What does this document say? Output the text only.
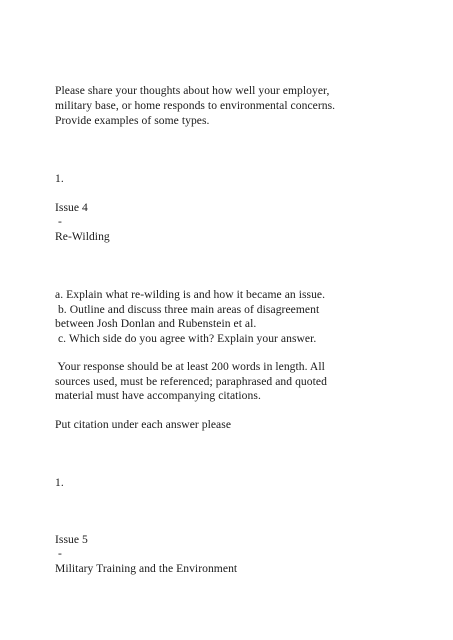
Please share your thoughts about how well your employer,
military base, or home responds to environmental concerns.
Provide examples of some types.
1.
Issue 4
-
Re-Wilding
a. Explain what re-wilding is and how it became an issue.
b. Outline and discuss three main areas of disagreement
between Josh Donlan and Rubenstein et al.
c. Which side do you agree with? Explain your answer.
Your response should be at least 200 words in length. All
sources used, must be referenced; paraphrased and quoted
material must have accompanying citations.
Put citation under each answer please
1.
Issue 5
-
Military Training and the Environment
